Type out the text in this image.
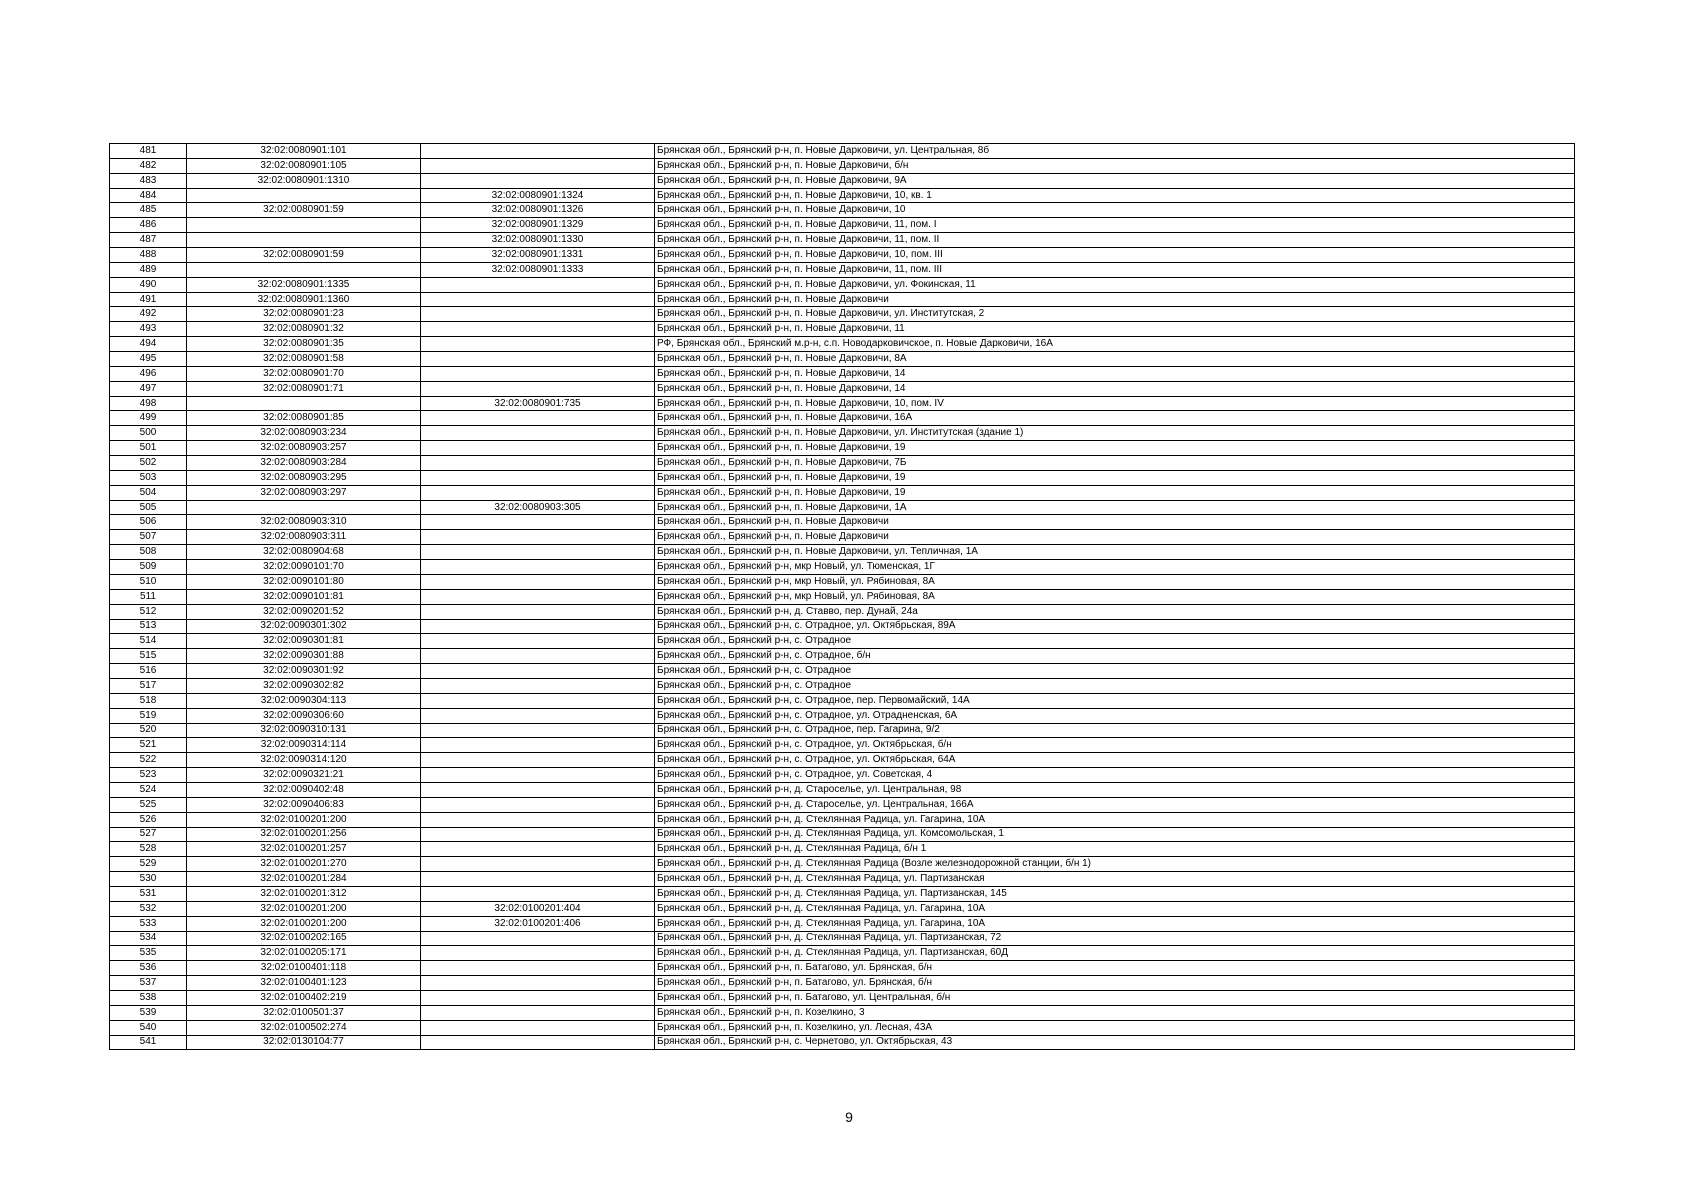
481	32:02:0080901:101		Брянская обл., Брянский р-н, п. Новые Дарковичи, ул. Центральная, 8б
482	32:02:0080901:105		Брянская обл., Брянский р-н, п. Новые Дарковичи, б/н
483	32:02:0080901:1310		Брянская обл., Брянский р-н, п. Новые Дарковичи, 9А
484		32:02:0080901:1324	Брянская обл., Брянский р-н, п. Новые Дарковичи, 10, кв. 1
485	32:02:0080901:59	32:02:0080901:1326	Брянская обл., Брянский р-н, п. Новые Дарковичи, 10
486		32:02:0080901:1329	Брянская обл., Брянский р-н, п. Новые Дарковичи, 11, пом. I
487		32:02:0080901:1330	Брянская обл., Брянский р-н, п. Новые Дарковичи, 11, пом. II
488	32:02:0080901:59	32:02:0080901:1331	Брянская обл., Брянский р-н, п. Новые Дарковичи, 10, пом. III
489		32:02:0080901:1333	Брянская обл., Брянский р-н, п. Новые Дарковичи, 11, пом. III
490	32:02:0080901:1335		Брянская обл., Брянский р-н, п. Новые Дарковичи, ул. Фокинская, 11
491	32:02:0080901:1360		Брянская обл., Брянский р-н, п. Новые Дарковичи
492	32:02:0080901:23		Брянская обл., Брянский р-н, п. Новые Дарковичи, ул. Институтская, 2
493	32:02:0080901:32		Брянская обл., Брянский р-н, п. Новые Дарковичи, 11
494	32:02:0080901:35		РФ, Брянская обл., Брянский м.р-н, с.п. Новодарковичское, п. Новые Дарковичи, 16А
495	32:02:0080901:58		Брянская обл., Брянский р-н, п. Новые Дарковичи, 8А
496	32:02:0080901:70		Брянская обл., Брянский р-н, п. Новые Дарковичи, 14
497	32:02:0080901:71		Брянская обл., Брянский р-н, п. Новые Дарковичи, 14
498		32:02:0080901:735	Брянская обл., Брянский р-н, п. Новые Дарковичи, 10, пом. IV
499	32:02:0080901:85		Брянская обл., Брянский р-н, п. Новые Дарковичи, 16А
500	32:02:0080903:234		Брянская обл., Брянский р-н, п. Новые Дарковичи, ул. Институтская (здание 1)
501	32:02:0080903:257		Брянская обл., Брянский р-н, п. Новые Дарковичи, 19
502	32:02:0080903:284		Брянская обл., Брянский р-н, п. Новые Дарковичи, 7Б
503	32:02:0080903:295		Брянская обл., Брянский р-н, п. Новые Дарковичи, 19
504	32:02:0080903:297		Брянская обл., Брянский р-н, п. Новые Дарковичи, 19
505		32:02:0080903:305	Брянская обл., Брянский р-н, п. Новые Дарковичи, 1А
506	32:02:0080903:310		Брянская обл., Брянский р-н, п. Новые Дарковичи
507	32:02:0080903:311		Брянская обл., Брянский р-н, п. Новые Дарковичи
508	32:02:0080904:68		Брянская обл., Брянский р-н, п. Новые Дарковичи, ул. Тепличная, 1А
509	32:02:0090101:70		Брянская обл., Брянский р-н, мкр Новый, ул. Тюменская, 1Г
510	32:02:0090101:80		Брянская обл., Брянский р-н, мкр Новый, ул. Рябиновая, 8А
511	32:02:0090101:81		Брянская обл., Брянский р-н, мкр Новый, ул. Рябиновая, 8А
512	32:02:0090201:52		Брянская обл., Брянский р-н, д. Ставво, пер. Дунай, 24а
513	32:02:0090301:302		Брянская обл., Брянский р-н, с. Отрадное, ул. Октябрьская, 89А
514	32:02:0090301:81		Брянская обл., Брянский р-н, с. Отрадное
515	32:02:0090301:88		Брянская обл., Брянский р-н, с. Отрадное, б/н
516	32:02:0090301:92		Брянская обл., Брянский р-н, с. Отрадное
517	32:02:0090302:82		Брянская обл., Брянский р-н, с. Отрадное
518	32:02:0090304:113		Брянская обл., Брянский р-н, с. Отрадное, пер. Первомайский, 14А
519	32:02:0090306:60		Брянская обл., Брянский р-н, с. Отрадное, ул. Отрадненская, 6А
520	32:02:0090310:131		Брянская обл., Брянский р-н, с. Отрадное, пер. Гагарина, 9/2
521	32:02:0090314:114		Брянская обл., Брянский р-н, с. Отрадное, ул. Октябрьская, б/н
522	32:02:0090314:120		Брянская обл., Брянский р-н, с. Отрадное, ул. Октябрьская, 64А
523	32:02:0090321:21		Брянская обл., Брянский р-н, с. Отрадное, ул. Советская, 4
524	32:02:0090402:48		Брянская обл., Брянский р-н, д. Староселье, ул. Центральная, 98
525	32:02:0090406:83		Брянская обл., Брянский р-н, д. Староселье, ул. Центральная, 166А
526	32:02:0100201:200		Брянская обл., Брянский р-н, д. Стеклянная Радица, ул. Гагарина, 10А
527	32:02:0100201:256		Брянская обл., Брянский р-н, д. Стеклянная Радица, ул. Комсомольская, 1
528	32:02:0100201:257		Брянская обл., Брянский р-н, д. Стеклянная Радица, б/н 1
529	32:02:0100201:270		Брянская обл., Брянский р-н, д. Стеклянная Радица (Возле железнодорожной станции, б/н 1)
530	32:02:0100201:284		Брянская обл., Брянский р-н, д. Стеклянная Радица, ул. Партизанская
531	32:02:0100201:312		Брянская обл., Брянский р-н, д. Стеклянная Радица, ул. Партизанская, 145
532	32:02:0100201:200	32:02:0100201:404	Брянская обл., Брянский р-н, д. Стеклянная Радица, ул. Гагарина, 10А
533	32:02:0100201:200	32:02:0100201:406	Брянская обл., Брянский р-н, д. Стеклянная Радица, ул. Гагарина, 10А
534	32:02:0100202:165		Брянская обл., Брянский р-н, д. Стеклянная Радица, ул. Партизанская, 72
535	32:02:0100205:171		Брянская обл., Брянский р-н, д. Стеклянная Радица, ул. Партизанская, 60Д
536	32:02:0100401:118		Брянская обл., Брянский р-н, п. Батагово, ул. Брянская, б/н
537	32:02:0100401:123		Брянская обл., Брянский р-н, п. Батагово, ул. Брянская, б/н
538	32:02:0100402:219		Брянская обл., Брянский р-н, п. Батагово, ул. Центральная, б/н
539	32:02:0100501:37		Брянская обл., Брянский р-н, п. Козелкино, 3
540	32:02:0100502:274		Брянская обл., Брянский р-н, п. Козелкино, ул. Лесная, 43А
541	32:02:0130104:77		Брянская обл., Брянский р-н, с. Чернетово, ул. Октябрьская, 43
9
